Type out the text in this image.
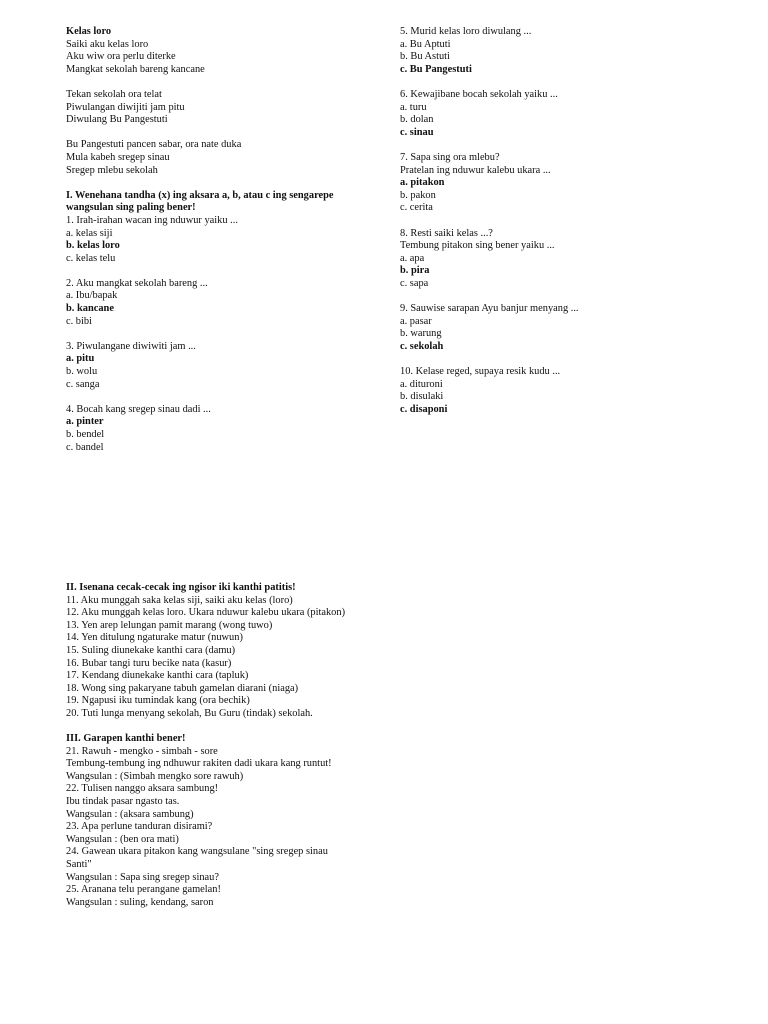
Kelas loro
Saiki aku kelas loro
Aku wiw ora perlu diterke
Mangkat sekolah bareng kancane
Tekan sekolah ora telat
Piwulangan diwijiti jam pitu
Diwulang Bu Pangestuti
Bu Pangestuti pancen sabar, ora nate duka
Mula kabeh sregep sinau
Sregep mlebu sekolah
I. Wenehana tandha (x) ing aksara a, b, atau c ing sengarepe wangsulan sing paling bener!
1. Irah-irahan wacan ing nduwur yaiku ...
a. kelas siji
b. kelas loro
c. kelas telu
2. Aku mangkat sekolah bareng ...
a. Ibu/bapak
b. kancane
c. bibi
3. Piwulangane diwiwiti jam ...
a. pitu
b. wolu
c. sanga
4. Bocah kang sregep sinau dadi ...
a. pinter
b. bendel
c. bandel
5. Murid kelas loro diwulang ...
a. Bu Aptuti
b. Bu Astuti
c. Bu Pangestuti
6. Kewajibane bocah sekolah yaiku ...
a. turu
b. dolan
c. sinau
7. Sapa sing ora mlebu?
Pratelan ing nduwur kalebu ukara ...
a. pitakon
b. pakon
c. cerita
8. Resti saiki kelas ...?
Tembung pitakon sing bener yaiku ...
a. apa
b. pira
c. sapa
9. Sauwise sarapan Ayu banjur menyang ...
a. pasar
b. warung
c. sekolah
10. Kelase reged, supaya resik kudu ...
a. dituroni
b. disulaki
c. disaponi
II. Isenana cecak-cecak ing ngisor iki kanthi patitis!
11. Aku munggah saka kelas siji, saiki aku kelas (loro)
12. Aku munggah kelas loro. Ukara nduwur kalebu ukara (pitakon)
13. Yen arep lelungan pamit marang (wong tuwo)
14. Yen ditulung ngaturake matur (nuwun)
15. Suling diunekake kanthi cara (damu)
16. Bubar tangi turu becike nata (kasur)
17. Kendang diunekake kanthi cara (tapluk)
18. Wong sing pakaryane tabuh gamelan diarani (niaga)
19. Ngapusi iku tumindak kang (ora bechik)
20. Tuti lunga menyang sekolah, Bu Guru (tindak) sekolah.
III. Garapen kanthi bener!
21. Rawuh - mengko - simbah - sore
Tembung-tembung ing ndhuwur rakiten dadi ukara kang runtut!
Wangsulan : (Simbah mengko sore rawuh)
22. Tulisen nanggo aksara sambung!
Ibu tindak pasar ngasto tas.
Wangsulan : (aksara sambung)
23. Apa perlune tanduran disirami?
Wangsulan : (ben ora mati)
24. Gawean ukara pitakon kang wangsulane "sing sregep sinau Santi"
Wangsulan : Sapa sing sregep sinau?
25. Aranana telu perangane gamelan!
Wangsulan : suling, kendang, saron
